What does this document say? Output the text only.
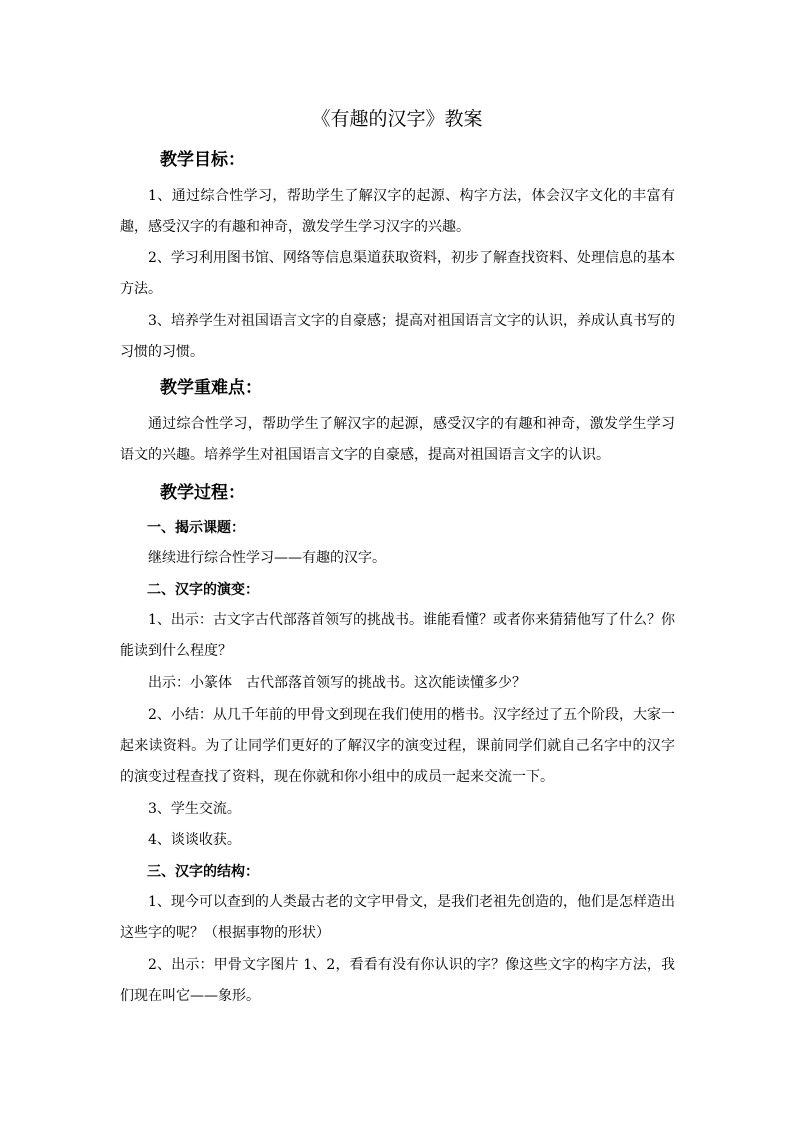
《有趣的汉字》教案
教学目标：

1、通过综合性学习，帮助学生了解汉字的起源、构字方法，体会汉字文化的丰富有趣，感受汉字的有趣和神奇，激发学生学习汉字的兴趣。

2、学习利用图书馆、网络等信息渠道获取资料，初步了解查找资料、处理信息的基本方法。

3、培养学生对祖国语言文字的自豪感；提高对祖国语言文字的认识，养成认真书写的习惯的习惯。

教学重难点：

通过综合性学习，帮助学生了解汉字的起源，感受汉字的有趣和神奇，激发学生学习语文的兴趣。培养学生对祖国语言文字的自豪感，提高对祖国语言文字的认识。

教学过程：
一、揭示课题：

继续进行综合性学习——有趣的汉字。

二、汉字的演变：

1、出示：古文字古代部落首领写的挑战书。谁能看懂？或者你来猜猜他写了什么？你能读到什么程度？

出示：小篆体　古代部落首领写的挑战书。这次能读懂多少？

2、小结：从几千年前的甲骨文到现在我们使用的楷书。汉字经过了五个阶段，大家一起来读资料。为了让同学们更好的了解汉字的演变过程，课前同学们就自己名字中的汉字的演变过程查找了资料，现在你就和你小组中的成员一起来交流一下。

3、学生交流。

4、谈谈收获。

三、汉字的结构：

1、现今可以查到的人类最古老的文字甲骨文，是我们老祖先创造的，他们是怎样造出这些字的呢？（根据事物的形状）

2、出示：甲骨文字图片 1、2，看看有没有你认识的字？像这些文字的构字方法，我们现在叫它——象形。
